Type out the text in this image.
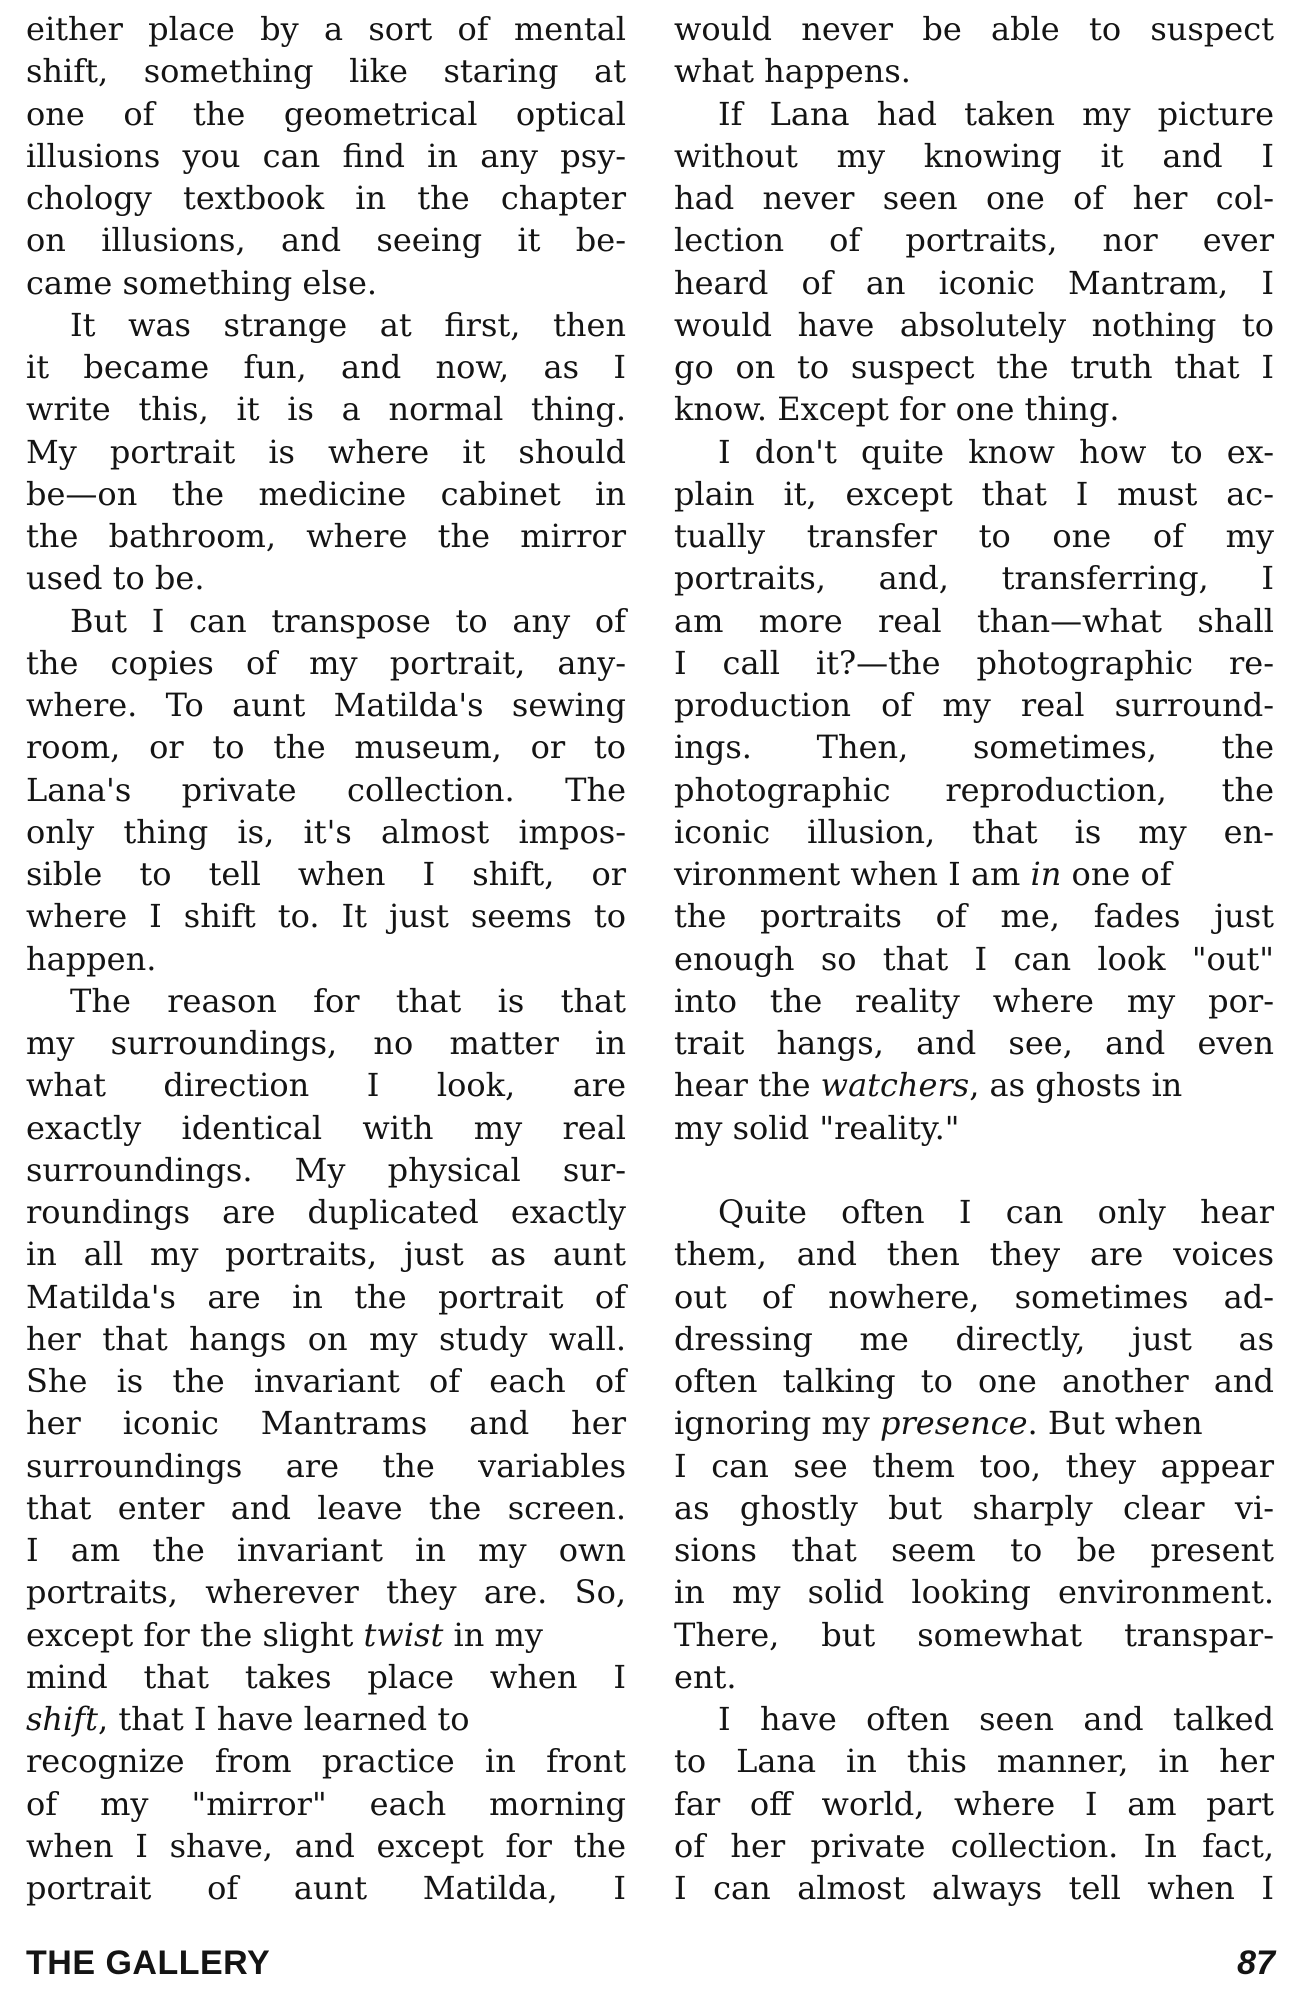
either place by a sort of mental
shift, something like staring at
one of the geometrical optical
illusions you can find in any psy-
chology textbook in the chapter
on illusions, and seeing it be-
came something else.
It was strange at first, then
it became fun, and now, as I
write this, it is a normal thing.
My portrait is where it should
be—on the medicine cabinet in
the bathroom, where the mirror
used to be.
But I can transpose to any of
the copies of my portrait, any-
where. To aunt Matilda's sewing
room, or to the museum, or to
Lana's private collection. The
only thing is, it's almost impos-
sible to tell when I shift, or
where I shift to. It just seems to
happen.
The reason for that is that
my surroundings, no matter in
what direction I look, are
exactly identical with my real
surroundings. My physical sur-
roundings are duplicated exactly
in all my portraits, just as aunt
Matilda's are in the portrait of
her that hangs on my study wall.
She is the invariant of each of
her iconic Mantrams and her
surroundings are the variables
that enter and leave the screen.
I am the invariant in my own
portraits, wherever they are. So,
except for the slight twist in my
mind that takes place when I
shift, that I have learned to
recognize from practice in front
of my "mirror" each morning
when I shave, and except for the
portrait of aunt Matilda, I
would never be able to suspect
what happens.
If Lana had taken my picture
without my knowing it and I
had never seen one of her col-
lection of portraits, nor ever
heard of an iconic Mantram, I
would have absolutely nothing to
go on to suspect the truth that I
know. Except for one thing.
I don't quite know how to ex-
plain it, except that I must ac-
tually transfer to one of my
portraits, and, transferring, I
am more real than—what shall
I call it?—the photographic re-
production of my real surround-
ings. Then, sometimes, the
photographic reproduction, the
iconic illusion, that is my en-
vironment when I am in one of
the portraits of me, fades just
enough so that I can look "out"
into the reality where my por-
trait hangs, and see, and even
hear the watchers, as ghosts in
my solid "reality."
Quite often I can only hear
them, and then they are voices
out of nowhere, sometimes ad-
dressing me directly, just as
often talking to one another and
ignoring my presence. But when
I can see them too, they appear
as ghostly but sharply clear vi-
sions that seem to be present
in my solid looking environment.
There, but somewhat transpar-
ent.
I have often seen and talked
to Lana in this manner, in her
far off world, where I am part
of her private collection. In fact,
I can almost always tell when I
THE GALLERY	87
